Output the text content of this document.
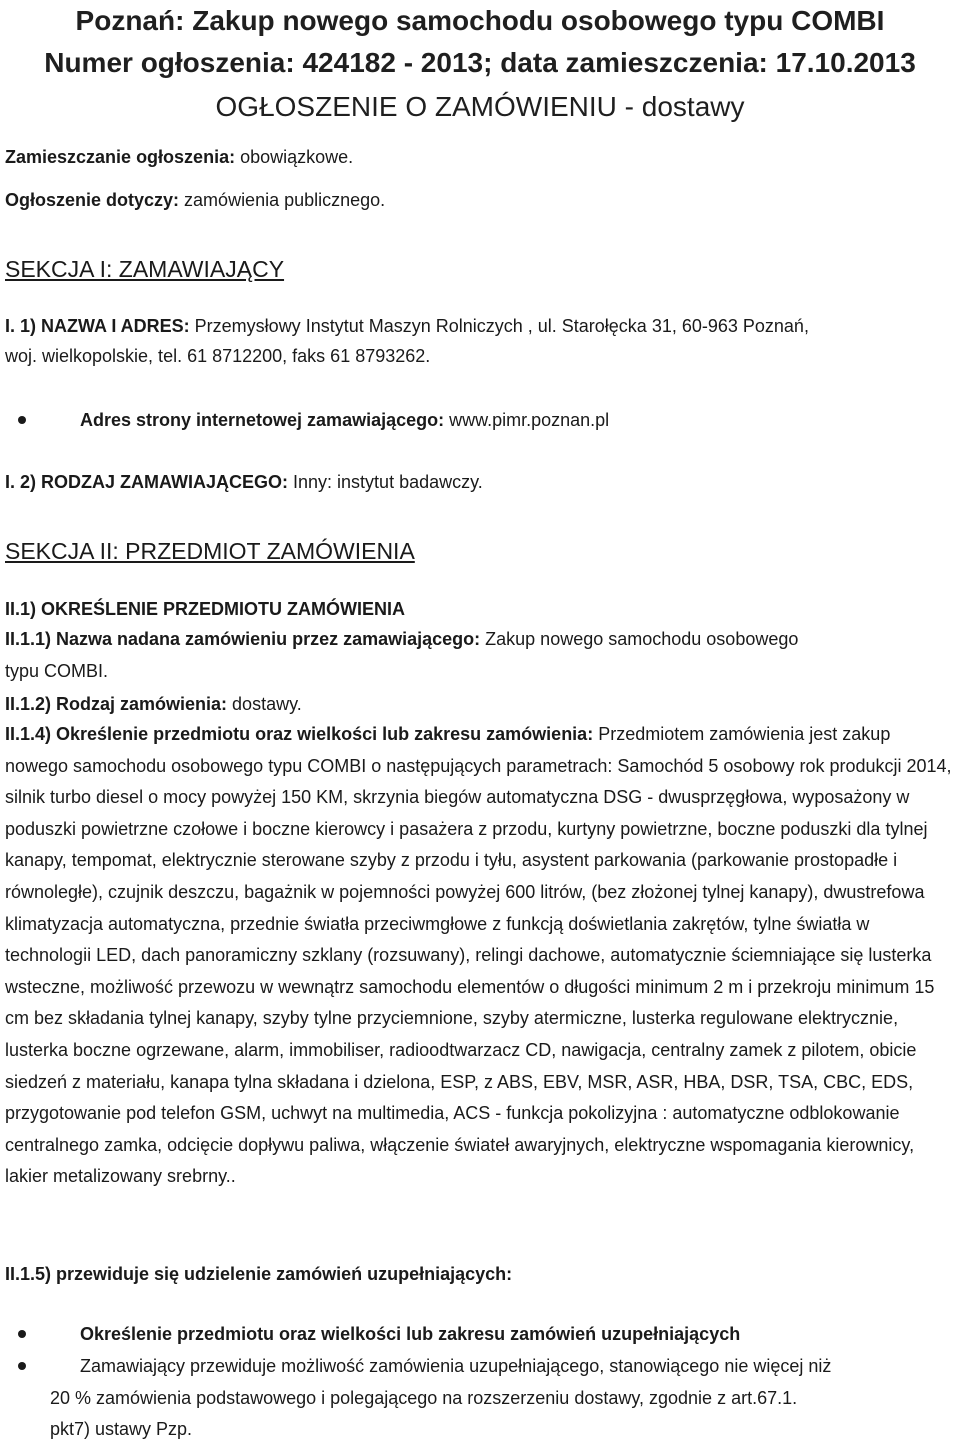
Poznań: Zakup nowego samochodu osobowego typu COMBI

Numer ogłoszenia: 424182 - 2013; data zamieszczenia: 17.10.2013

OGŁOSZENIE O ZAMÓWIENIU - dostawy

Zamieszczanie ogłoszenia: obowiązkowe.
Ogłoszenie dotyczy: zamówienia publicznego.
SEKCJA I: ZAMAWIAJĄCY
I. 1) NAZWA I ADRES: Przemysłowy Instytut Maszyn Rolniczych , ul. Starołęcka 31, 60-963 Poznań,
woj. wielkopolskie, tel. 61 8712200, faks 61 8793262.
Adres strony internetowej zamawiającego: www.pimr.poznan.pl
I. 2) RODZAJ ZAMAWIAJĄCEGO: Inny: instytut badawczy.
SEKCJA II: PRZEDMIOT ZAMÓWIENIA
II.1) OKREŚLENIE PRZEDMIOTU ZAMÓWIENIA
II.1.1) Nazwa nadana zamówieniu przez zamawiającego: Zakup nowego samochodu osobowego
typu COMBI.
II.1.2) Rodzaj zamówienia: dostawy.
II.1.4) Określenie przedmiotu oraz wielkości lub zakresu zamówienia: Przedmiotem zamówienia jest zakup nowego samochodu osobowego typu COMBI o następujących parametrach: Samochód 5 osobowy rok produkcji 2014, silnik turbo diesel o mocy powyżej 150 KM, skrzynia biegów automatyczna DSG - dwusprzęgłowa, wyposażony w poduszki powietrzne czołowe i boczne kierowcy i pasażera z przodu, kurtyny powietrzne, boczne poduszki dla tylnej kanapy, tempomat, elektrycznie sterowane szyby z przodu i tyłu, asystent parkowania (parkowanie prostopadłe i równoległe), czujnik deszczu, bagażnik w pojemności powyżej 600 litrów, (bez złożonej tylnej kanapy), dwustrefowa klimatyzacja automatyczna, przednie światła przeciwmgłowe z funkcją doświetlania zakrętów, tylne światła w technologii LED, dach panoramiczny szklany (rozsuwany), relingi dachowe, automatycznie ściemniające się lusterka wsteczne, możliwość przewozu w wewnątrz samochodu elementów o długości minimum 2 m i przekroju minimum 15 cm bez składania tylnej kanapy, szyby tylne przyciemnione, szyby atermiczne, lusterka regulowane elektrycznie, lusterka boczne ogrzewane, alarm, immobiliser, radioodtwarzacz CD, nawigacja, centralny zamek z pilotem, obicie siedzeń z materiału, kanapa tylna składana i dzielona, ESP, z ABS, EBV, MSR, ASR, HBA, DSR, TSA, CBC, EDS, przygotowanie pod telefon GSM, uchwyt na multimedia, ACS - funkcja pokolizyjna : automatyczne odblokowanie centralnego zamka, odcięcie dopływu paliwa, włączenie świateł awaryjnych, elektryczne wspomagania kierownicy, lakier metalizowany srebrny..
II.1.5) przewiduje się udzielenie zamówień uzupełniających:
Określenie przedmiotu oraz wielkości lub zakresu zamówień uzupełniających
Zamawiający przewiduje możliwość zamówienia uzupełniającego, stanowiącego nie więcej niż
20 % zamówienia podstawowego i polegającego na rozszerzeniu dostawy, zgodnie z art.67.1.
pkt7) ustawy Pzp.
